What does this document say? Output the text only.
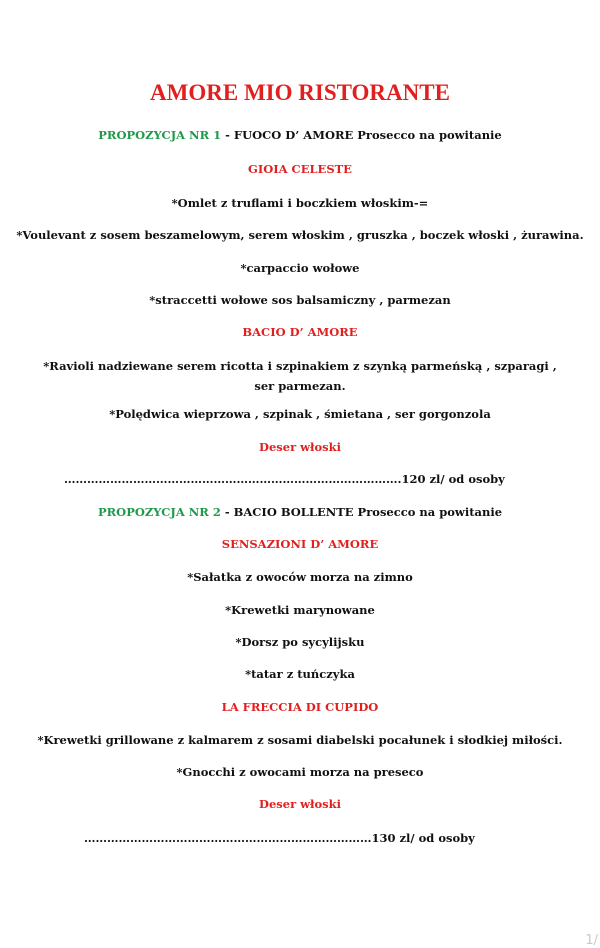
AMORE MIO RISTORANTE
PROPOZYCJA NR 1 - FUOCO D’ AMORE Prosecco na powitanie
GIOIA CELESTE
*Omlet z truflami i boczkiem włoskim-=
*Voulevant z sosem beszamelowym, serem włoskim , gruszka , boczek włoski , żurawina.
*carpaccio wołowe
*straccetti wołowe sos balsamiczny , parmezan
BACIO D’ AMORE
*Ravioli nadziewane serem ricotta i szpinakiem z szynką parmeńską , szparagi , ser parmezan.
*Polędwica wieprzowa , szpinak , śmietana , ser gorgonzola
Deser włoski
…………………………………………………………………………….120 zl/ od osoby
PROPOZYCJA NR 2 - BACIO BOLLENTE Prosecco na powitanie
SENSAZIONI D’ AMORE
*Sałatka z owoców morza na zimno
*Krewetki marynowane
*Dorsz po sycylijsku
*tatar z tuńczyka
LA FRECCIA DI CUPIDO
*Krewetki grillowane z kalmarem z sosami diabelski pocałunek i słodkiej miłości.
*Gnocchi z owocami morza na preseco
Deser włoski
…………………………………………………………………130 zl/ od osoby
1/
